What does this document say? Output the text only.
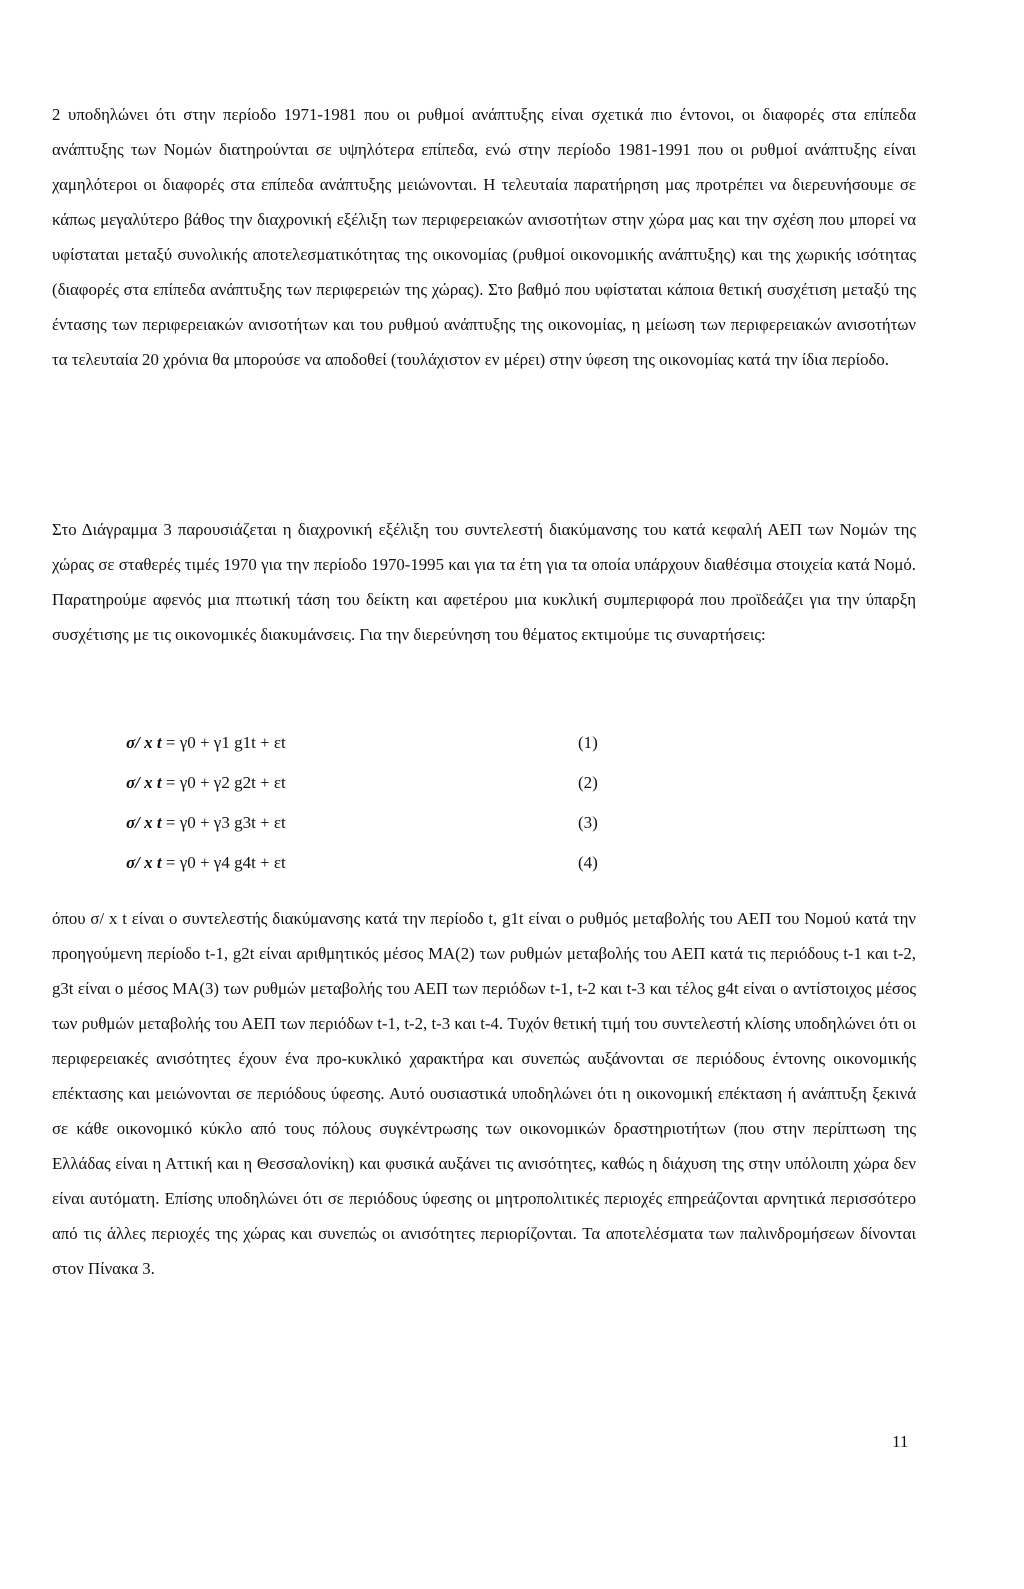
2 υποδηλώνει ότι στην περίοδο 1971-1981 που οι ρυθμοί ανάπτυξης είναι σχετικά πιο έντονοι, οι διαφορές στα επίπεδα ανάπτυξης των Νομών διατηρούνται σε υψηλότερα επίπεδα, ενώ στην περίοδο 1981-1991 που οι ρυθμοί ανάπτυξης είναι χαμηλότεροι οι διαφορές στα επίπεδα ανάπτυξης μειώνονται. Η τελευταία παρατήρηση μας προτρέπει να διερευνήσουμε σε κάπως μεγαλύτερο βάθος την διαχρονική εξέλιξη των περιφερειακών ανισοτήτων στην χώρα μας και την σχέση που μπορεί να υφίσταται μεταξύ συνολικής αποτελεσματικότητας της οικονομίας (ρυθμοί οικονομικής ανάπτυξης) και της χωρικής ισότητας (διαφορές στα επίπεδα ανάπτυξης των περιφερειών της χώρας). Στο βαθμό που υφίσταται κάποια θετική συσχέτιση μεταξύ της έντασης των περιφερειακών ανισοτήτων και του ρυθμού ανάπτυξης της οικονομίας, η μείωση των περιφερειακών ανισοτήτων τα τελευταία 20 χρόνια θα μπορούσε να αποδοθεί (τουλάχιστον εν μέρει) στην ύφεση της οικονομίας κατά την ίδια περίοδο.

Στο Διάγραμμα 3 παρουσιάζεται η διαχρονική εξέλιξη του συντελεστή διακύμανσης του κατά κεφαλή ΑΕΠ των Νομών της χώρας σε σταθερές τιμές 1970 για την περίοδο 1970-1995 και για τα έτη για τα οποία υπάρχουν διαθέσιμα στοιχεία κατά Νομό. Παρατηρούμε αφενός μια πτωτική τάση του δείκτη και αφετέρου μια κυκλική συμπεριφορά που προϊδεάζει για την ύπαρξη συσχέτισης με τις οικονομικές διακυμάνσεις. Για την διερεύνηση του θέματος εκτιμούμε τις συναρτήσεις:

σ/ x t = γ0 + γ1 g1t + εt	(1)
σ/ x t = γ0 + γ2 g2t + εt	(2)
σ/ x t = γ0 + γ3 g3t + εt	(3)
σ/ x t = γ0 + γ4 g4t + εt	(4)

όπου σ/ x t είναι ο συντελεστής διακύμανσης κατά την περίοδο t, g1t είναι ο ρυθμός μεταβολής του ΑΕΠ του Νομού κατά την προηγούμενη περίοδο t-1, g2t είναι αριθμητικός μέσος ΜΑ(2) των ρυθμών μεταβολής του ΑΕΠ κατά τις περιόδους t-1 και t-2, g3t είναι ο μέσος ΜΑ(3) των ρυθμών μεταβολής του ΑΕΠ των περιόδων t-1, t-2 και t-3 και τέλος g4t είναι ο αντίστοιχος μέσος των ρυθμών μεταβολής του ΑΕΠ των περιόδων t-1, t-2, t-3 και t-4. Τυχόν θετική τιμή του συντελεστή κλίσης υποδηλώνει ότι οι περιφερειακές ανισότητες έχουν ένα προ-κυκλικό χαρακτήρα και συνεπώς αυξάνονται σε περιόδους έντονης οικονομικής επέκτασης και μειώνονται σε περιόδους ύφεσης. Αυτό ουσιαστικά υποδηλώνει ότι η οικονομική επέκταση ή ανάπτυξη ξεκινά σε κάθε οικονομικό κύκλο από τους πόλους συγκέντρωσης των οικονομικών δραστηριοτήτων (που στην περίπτωση της Ελλάδας είναι η Αττική και η Θεσσαλονίκη) και φυσικά αυξάνει τις ανισότητες, καθώς η διάχυση της στην υπόλοιπη χώρα δεν είναι αυτόματη. Επίσης υποδηλώνει ότι σε περιόδους ύφεσης οι μητροπολιτικές περιοχές επηρεάζονται αρνητικά περισσότερο από τις άλλες περιοχές της χώρας και συνεπώς οι ανισότητες περιορίζονται. Τα αποτελέσματα των παλινδρομήσεων δίνονται στον Πίνακα 3.

11
